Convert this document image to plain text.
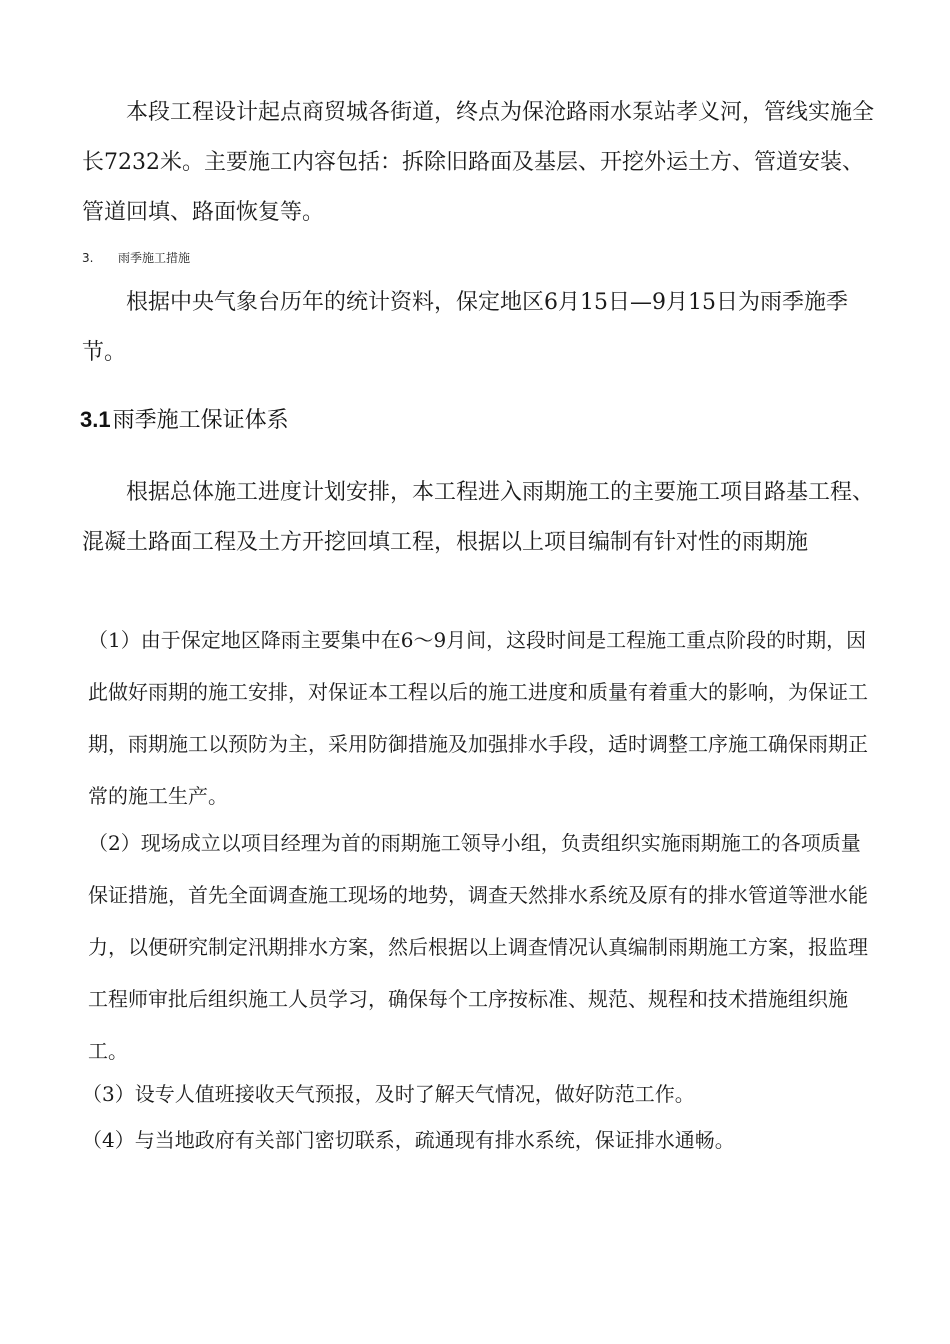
本段工程设计起点商贸城各街道，终点为保沧路雨水泵站孝义河，管线实施全长7232米。主要施工内容包括：拆除旧路面及基层、开挖外运土方、管道安装、管道回填、路面恢复等。

3. 雨季施工措施

根据中央气象台历年的统计资料，保定地区6月15日—9月15日为雨季施季节。

3.1雨季施工保证体系

根据总体施工进度计划安排，本工程进入雨期施工的主要施工项目路基工程、混凝土路面工程及土方开挖回填工程，根据以上项目编制有针对性的雨期施

（1）由于保定地区降雨主要集中在6〜9月间，这段时间是工程施工重点阶段的时期，因此做好雨期的施工安排，对保证本工程以后的施工进度和质量有着重大的影响，为保证工期，雨期施工以预防为主，采用防御措施及加强排水手段，适时调整工序施工确保雨期正常的施工生产。

（2）现场成立以项目经理为首的雨期施工领导小组，负责组织实施雨期施工的各项质量保证措施，首先全面调查施工现场的地势，调查天然排水系统及原有的排水管道等泄水能力，以便研究制定汛期排水方案，然后根据以上调查情况认真编制雨期施工方案，报监理工程师审批后组织施工人员学习，确保每个工序按标准、规范、规程和技术措施组织施工。

（3）设专人值班接收天气预报，及时了解天气情况，做好防范工作。

（4）与当地政府有关部门密切联系，疏通现有排水系统，保证排水通畅。
